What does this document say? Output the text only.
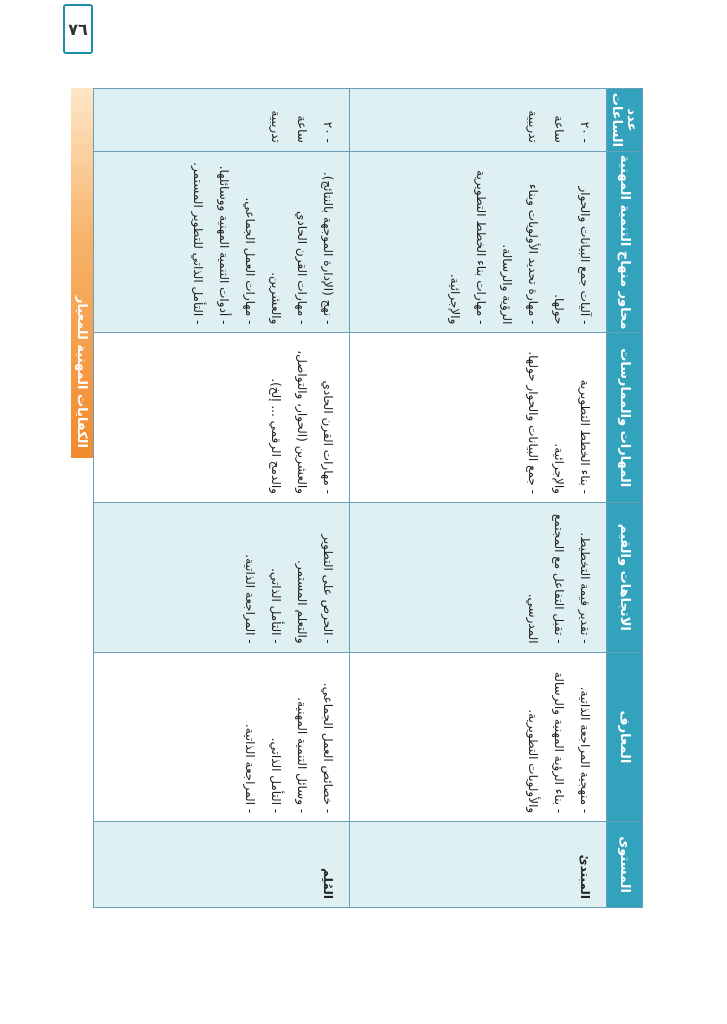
المستوى
المبتدئ
المُلِم
المعارف

- منهجية المراجعة الذاتية.

- بناء الرؤية المهنية والرسالة والأولويات التطويرية.

- خصائص العمل الجماعي.

- وسائل التنمية المهنية.

- التأمل الذاتي.

- المراجعة الذاتية.

الاتجاهات والقيم

- تقدير قيمة التخطيط.

- تقبل التفاعل مع المجتمع المدرسي.

- الحرص على التطوير والتعلم المستمر.

- التأمل الذاتي.

- المراجعة الذاتية.

المهارات والممارسات

- بناء الخطط التطويرية والإجرائية.

- جمع البيانات والحوار حولها.

- مهارات القرن الحادي والعشرين (الحوار، والتواصل، والدمج الرقمي ... إلخ).

محاور منهاج التنمية المهنية

- آليات جمع البيانات والحوار حولها.

- مهارة تحديد الأولويات وبناء الرؤية والرسالة.

- مهارات بناء الخطط التطويرية والإجرائية.

- نهج (الإدارة الموجهة بالنتائج).

- مهارات القرن الحادي والعشرين.

- مهارات العمل الجماعي.

- أدوات التنمية المهنية ووسائلها.

- التأمل الذاتي للتطوير المستمر.

عدد الساعات

- ٢٠ ساعة تدريبية

- ٢٠ ساعة تدريبية

الكفايات المهنية للمعيار
٧٦
